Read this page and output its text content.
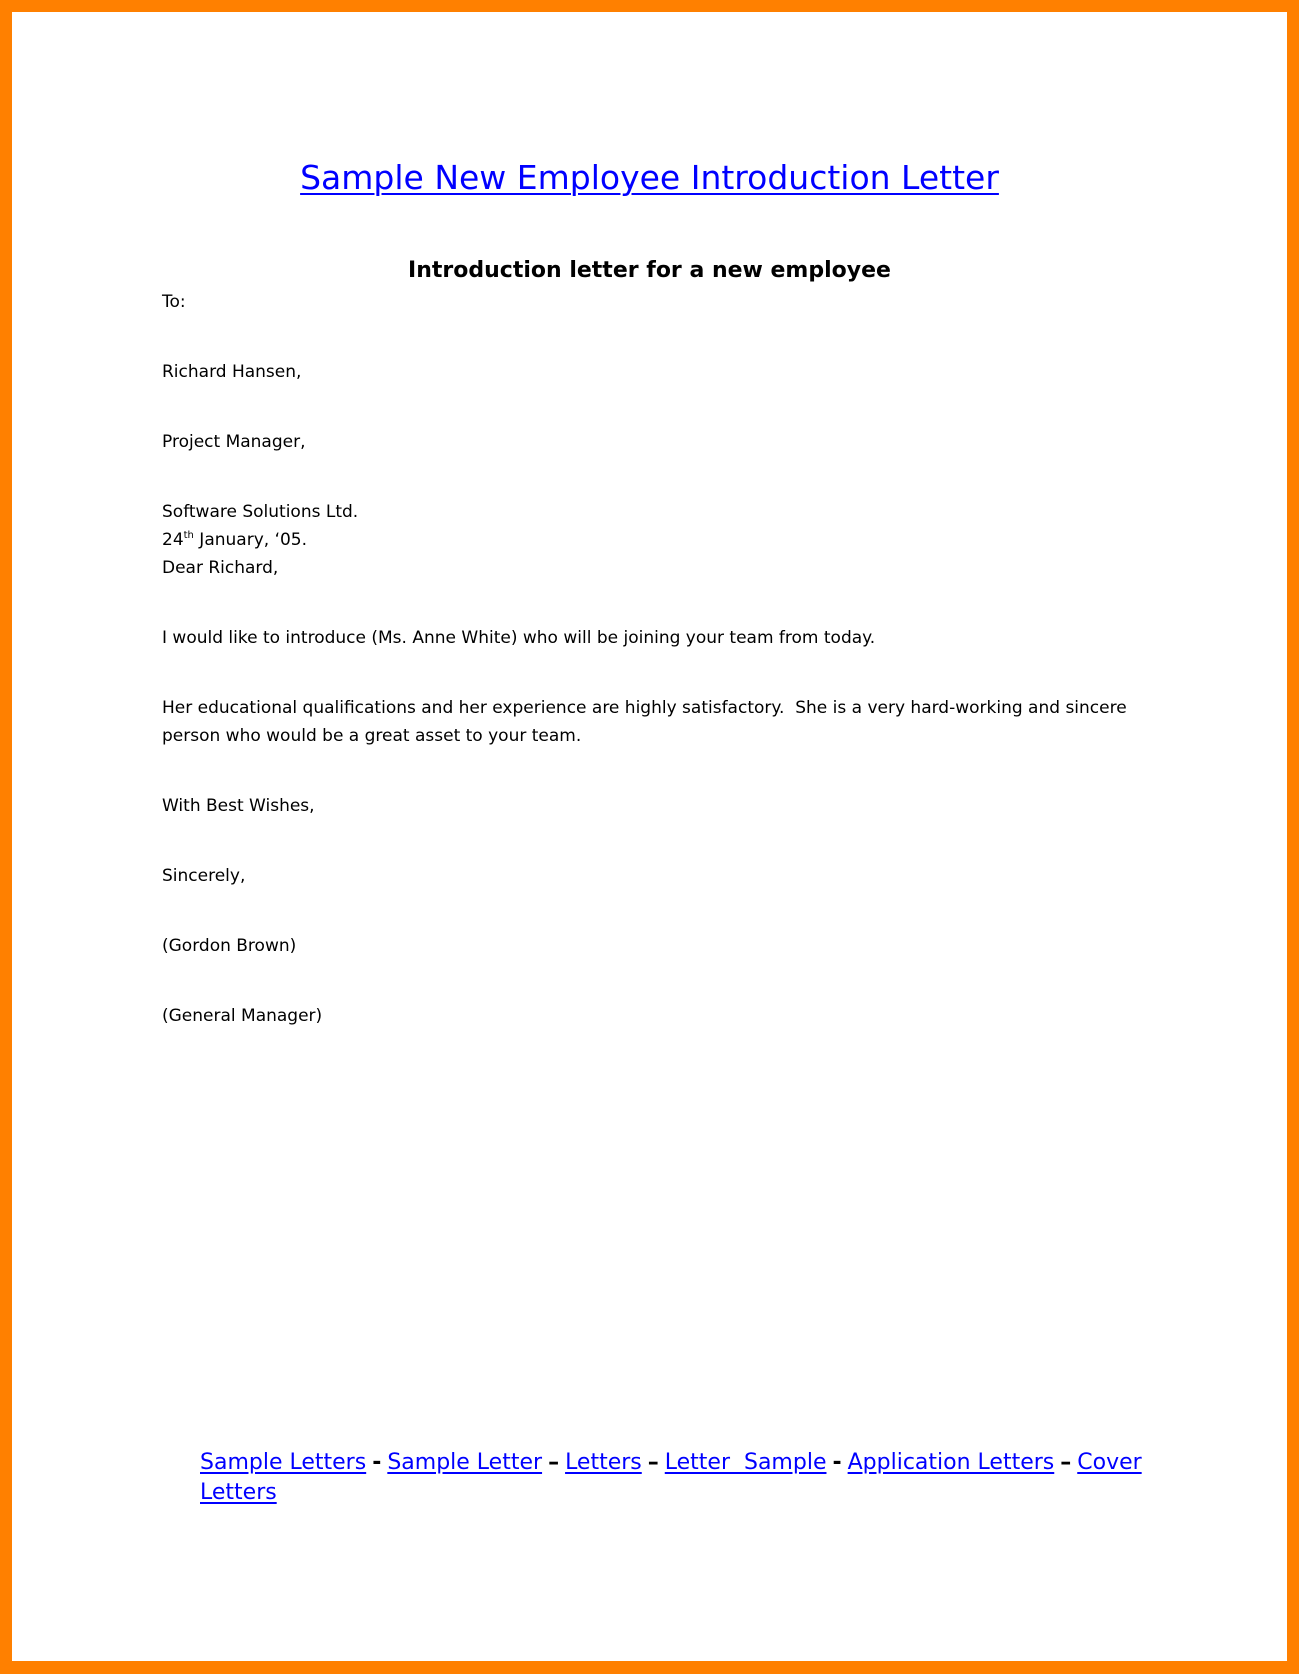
Sample New Employee Introduction Letter
Introduction letter for a new employee
To:
Richard Hansen,
Project Manager,
Software Solutions Ltd.
24th January, ‘05.
Dear Richard,
I would like to introduce (Ms. Anne White) who will be joining your team from today.
Her educational qualifications and her experience are highly satisfactory.  She is a very hard-working and sincere
person who would be a great asset to your team.
With Best Wishes,
Sincerely,
(Gordon Brown)
(General Manager)
Sample Letters - Sample Letter – Letters – Letter  Sample - Application Letters – Cover Letters
